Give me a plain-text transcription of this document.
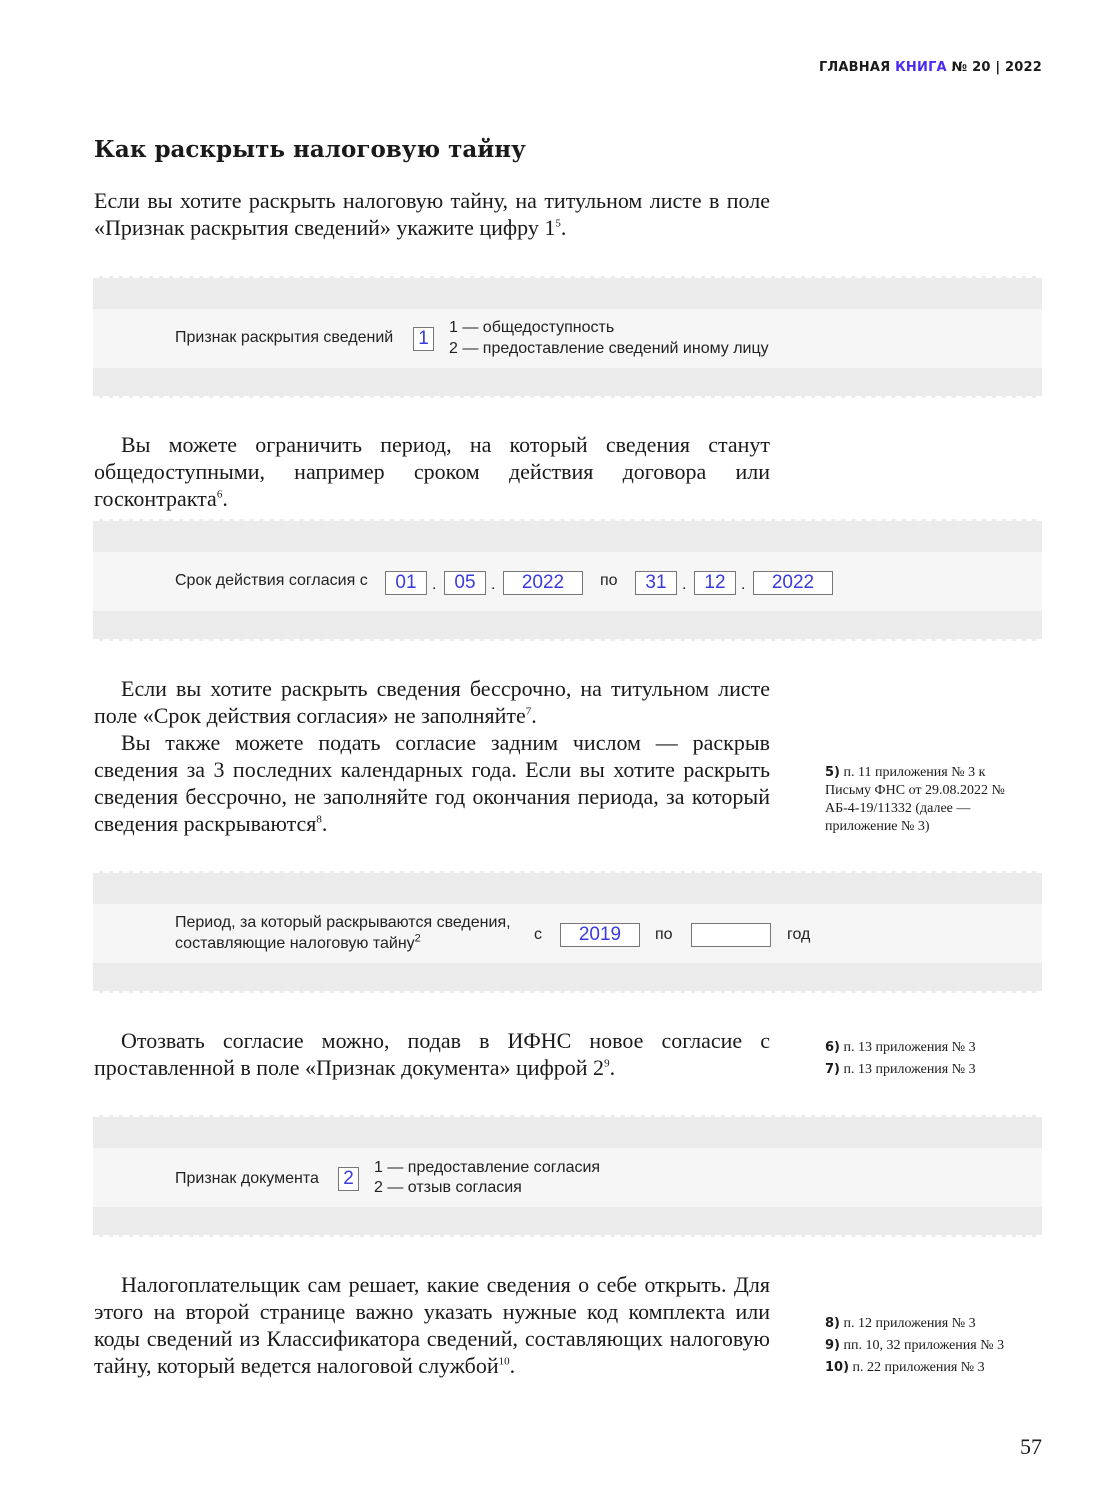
ГЛАВНАЯ КНИГА № 20 | 2022
Как раскрыть налоговую тайну

Если вы хотите раскрыть налоговую тайну, на титульном листе в поле «Признак раскрытия сведений» укажите цифру $1^5$.

Признак раскрытия сведений 1
1 — общедоступность
2 — предоставление сведений иному лицу

Вы можете ограничить период, на который сведения станут общедоступными, например сроком действия договора или госконтракта$^6$.

Срок действия согласия с	01 . 05 .	2022	по	31 . 12 .	2022

Если вы хотите раскрыть сведения бессрочно, на титульном листе поле «Срок действия согласия» не заполняйте$^7$.

Вы также можете подать согласие задним числом — раскрыв сведения за 3 последних календарных года. Если вы хотите раскрыть сведения бессрочно, не заполняйте год окончания периода, за который сведения раскрываются$^8$.

Период, за который раскрываются сведения,
составляющие налоговую тайну$^2$	с	2019	по	год

Отозвать согласие можно, подав в ИФНС новое согласие с проставленной в поле «Признак документа» цифрой $2^9$.

Признак документа 2
1 — предоставление согласия
2 — отзыв согласия

Налогоплательщик сам решает, какие сведения о себе открыть. Для этого на второй странице важно указать нужные код комплекта или коды сведений из Классификатора сведений, составляющих налоговую тайну, который ведется налоговой службой$^{10}$.

5) п. 11 приложения № 3 к Письму ФНС от 29.08.2022 № АБ-4-19/11332 (далее — приложение № 3)
6) п. 13 приложения № 3
7) п. 13 приложения № 3
8) п. 12 приложения № 3
9) пп. 10, 32 приложения № 3
10) п. 22 приложения № 3
57
